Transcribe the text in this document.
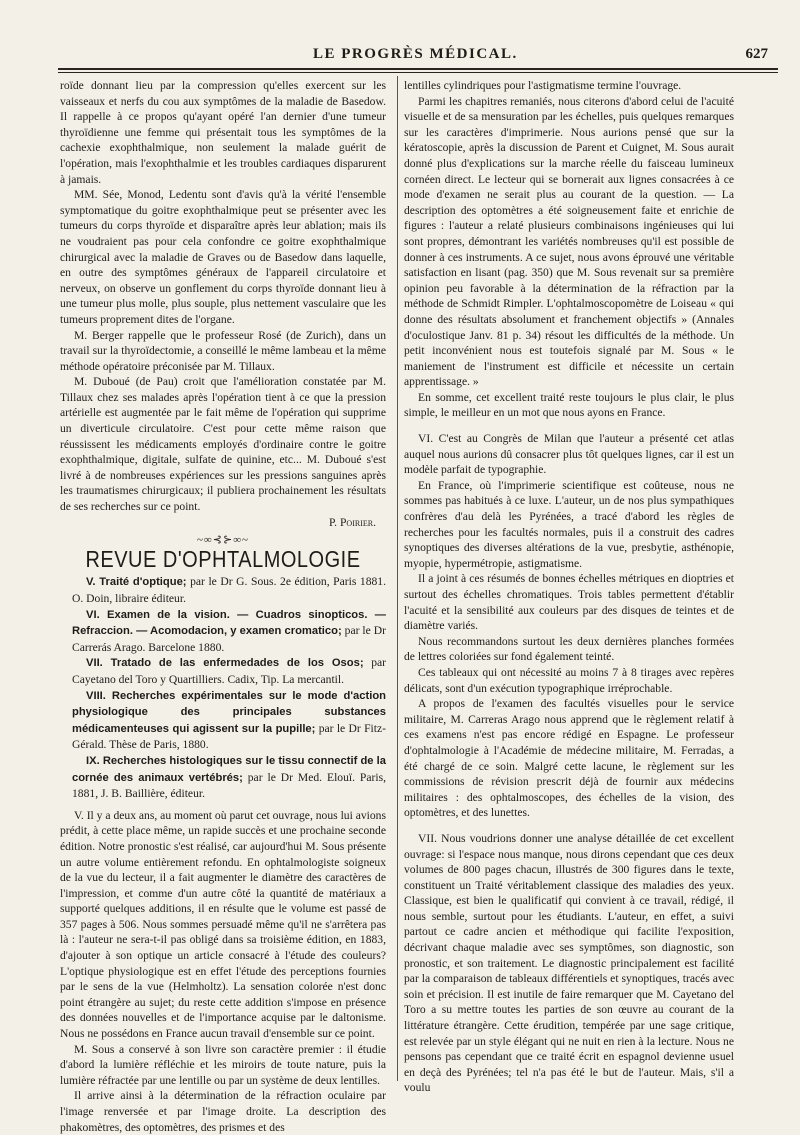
LE PROGRÈS MÉDICAL.	627

roïde donnant lieu par la compression qu'elles exercent sur les vaisseaux et nerfs du cou aux symptômes de la maladie de Basedow. Il rappelle à ce propos qu'ayant opéré l'an dernier d'une tumeur thyroïdienne une femme qui présentait tous les symptômes de la cachexie exophthalmique, non seulement la malade guérit de l'opération, mais l'exophthalmie et les troubles cardiaques disparurent à jamais.

MM. Sée, Monod, Ledentu sont d'avis qu'à la vérité l'ensemble symptomatique du goitre exophthalmique peut se présenter avec les tumeurs du corps thyroïde et disparaître après leur ablation; mais ils ne voudraient pas pour cela confondre ce goitre exophthalmique chirurgical avec la maladie de Graves ou de Basedow dans laquelle, en outre des symptômes généraux de l'appareil circulatoire et nerveux, on observe un gonflement du corps thyroïde donnant lieu à une tumeur plus molle, plus souple, plus nettement vasculaire que les tumeurs proprement dites de l'organe.

M. Berger rappelle que le professeur Rosé (de Zurich), dans un travail sur la thyroïdectomie, a conseillé le même lambeau et la même méthode opératoire préconisée par M. Tillaux.

M. Duboué (de Pau) croit que l'amélioration constatée par M. Tillaux chez ses malades après l'opération tient à ce que la pression artérielle est augmentée par le fait même de l'opération qui supprime un diverticule circulatoire. C'est pour cette même raison que réussissent les médicaments employés d'ordinaire contre le goitre exophthalmique, digitale, sulfate de quinine, etc... M. Duboué s'est livré à de nombreuses expériences sur les pressions sanguines après les traumatismes chirurgicaux; il publiera prochainement les résultats de ses recherches sur ce point.

P. Poirier.
~∞⊰⊱∞~
REVUE D'OPHTALMOLOGIE

V. Traité d'optique; par le Dr G. Sous. 2e édition, Paris 1881. O. Doin, libraire éditeur.

VI. Examen de la vision. — Cuadros sinopticos. — Refraccion. — Acomodacion, y examen cromatico; par le Dr Carrerás Arago. Barcelone 1880.

VII. Tratado de las enfermedades de los Osos; par Cayetano del Toro y Quartilliers. Cadix, Tip. La mercantil.

VIII. Recherches expérimentales sur le mode d'action physiologique des principales substances médicamenteuses qui agissent sur la pupille; par le Dr Fitz-Gérald. Thèse de Paris, 1880.

IX. Recherches histologiques sur le tissu connectif de la cornée des animaux vertébrés; par le Dr Med. Elouï. Paris, 1881, J. B. Baillière, éditeur.

V. Il y a deux ans, au moment où parut cet ouvrage, nous lui avions prédit, à cette place même, un rapide succès et une prochaine seconde édition. Notre pronostic s'est réalisé, car aujourd'hui M. Sous présente un autre volume entièrement refondu. En ophtalmologiste soigneux de la vue du lecteur, il a fait augmenter le diamètre des caractères de l'impression, et comme d'un autre côté la quantité de matériaux a supporté quelques additions, il en résulte que le volume est passé de 357 pages à 506. Nous sommes persuadé même qu'il ne s'arrêtera pas là : l'auteur ne sera-t-il pas obligé dans sa troisième édition, en 1883, d'ajouter à son optique un article consacré à l'étude des couleurs? L'optique physiologique est en effet l'étude des perceptions fournies par le sens de la vue (Helmholtz). La sensation colorée n'est donc point étrangère au sujet; du reste cette addition s'impose en présence des données nouvelles et de l'importance acquise par le daltonisme. Nous ne possédons en France aucun travail d'ensemble sur ce point.

M. Sous a conservé à son livre son caractère premier : il étudie d'abord la lumière réfléchie et les miroirs de toute nature, puis la lumière réfractée par une lentille ou par un système de deux lentilles.

Il arrive ainsi à la détermination de la réfraction oculaire par l'image renversée et par l'image droite. La description des phakomètres, des optomètres, des prismes et des

lentilles cylindriques pour l'astigmatisme termine l'ouvrage.

Parmi les chapitres remaniés, nous citerons d'abord celui de l'acuité visuelle et de sa mensuration par les échelles, puis quelques remarques sur les caractères d'imprimerie. Nous aurions pensé que sur la kératoscopie, après la discussion de Parent et Cuignet, M. Sous aurait donné plus d'explications sur la marche réelle du faisceau lumineux cornéen direct. Le lecteur qui se bornerait aux lignes consacrées à ce mode d'examen ne serait plus au courant de la question. — La description des optomètres a été soigneusement faite et enrichie de figures : l'auteur a relaté plusieurs combinaisons ingénieuses qui lui sont propres, démontrant les variétés nombreuses qu'il est possible de donner à ces instruments. A ce sujet, nous avons éprouvé une véritable satisfaction en lisant (pag. 350) que M. Sous revenait sur sa première opinion peu favorable à la détermination de la réfraction par la méthode de Schmidt Rimpler. L'ophtalmoscopomètre de Loiseau « qui donne des résultats absolument et franchement objectifs » (Annales d'oculostique Janv. 81 p. 34) résout les difficultés de la méthode. Un petit inconvénient nous est toutefois signalé par M. Sous « le maniement de l'instrument est difficile et nécessite un certain apprentissage. »

En somme, cet excellent traité reste toujours le plus clair, le plus simple, le meilleur en un mot que nous ayons en France.

VI. C'est au Congrès de Milan que l'auteur a présenté cet atlas auquel nous aurions dû consacrer plus tôt quelques lignes, car il est un modèle parfait de typographie.

En France, où l'imprimerie scientifique est coûteuse, nous ne sommes pas habitués à ce luxe. L'auteur, un de nos plus sympathiques confrères d'au delà les Pyrénées, a tracé d'abord les règles de recherches pour les facultés normales, puis il a construit des cadres synoptiques des diverses altérations de la vue, presbytie, asthénopie, myopie, hypermétropie, astigmatisme.

Il a joint à ces résumés de bonnes échelles métriques en dioptries et surtout des échelles chromatiques. Trois tables permettent d'établir l'acuité et la sensibilité aux couleurs par des disques de teintes et de diamètre variés.

Nous recommandons surtout les deux dernières planches formées de lettres coloriées sur fond également teinté.

Ces tableaux qui ont nécessité au moins 7 à 8 tirages avec repères délicats, sont d'un exécution typographique irréprochable.

A propos de l'examen des facultés visuelles pour le service militaire, M. Carreras Arago nous apprend que le règlement relatif à ces examens n'est pas encore rédigé en Espagne. Le professeur d'ophtalmologie à l'Académie de médecine militaire, M. Ferradas, a été chargé de ce soin. Malgré cette lacune, le règlement sur les commissions de révision prescrit déjà de fournir aux médecins militaires : des ophtalmoscopes, des échelles de la vision, des optomètres, et des lunettes.

VII. Nous voudrions donner une analyse détaillée de cet excellent ouvrage: si l'espace nous manque, nous dirons cependant que ces deux volumes de 800 pages chacun, illustrés de 300 figures dans le texte, constituent un Traité véritablement classique des maladies des yeux. Classique, est bien le qualificatif qui convient à ce travail, rédigé, il nous semble, surtout pour les étudiants. L'auteur, en effet, a suivi partout ce cadre ancien et méthodique qui facilite l'exposition, décrivant chaque maladie avec ses symptômes, son diagnostic, son pronostic, et son traitement. Le diagnostic principalement est facilité par la comparaison de tableaux différentiels et synoptiques, tracés avec soin et précision. Il est inutile de faire remarquer que M. Cayetano del Toro a su mettre toutes les parties de son œuvre au courant de la littérature étrangère. Cette érudition, tempérée par une sage critique, est relevée par un style élégant qui ne nuit en rien à la lecture. Nous ne pensons pas cependant que ce traité écrit en espagnol devienne usuel en deçà des Pyrénées; tel n'a pas été le but de l'auteur. Mais, s'il a voulu
